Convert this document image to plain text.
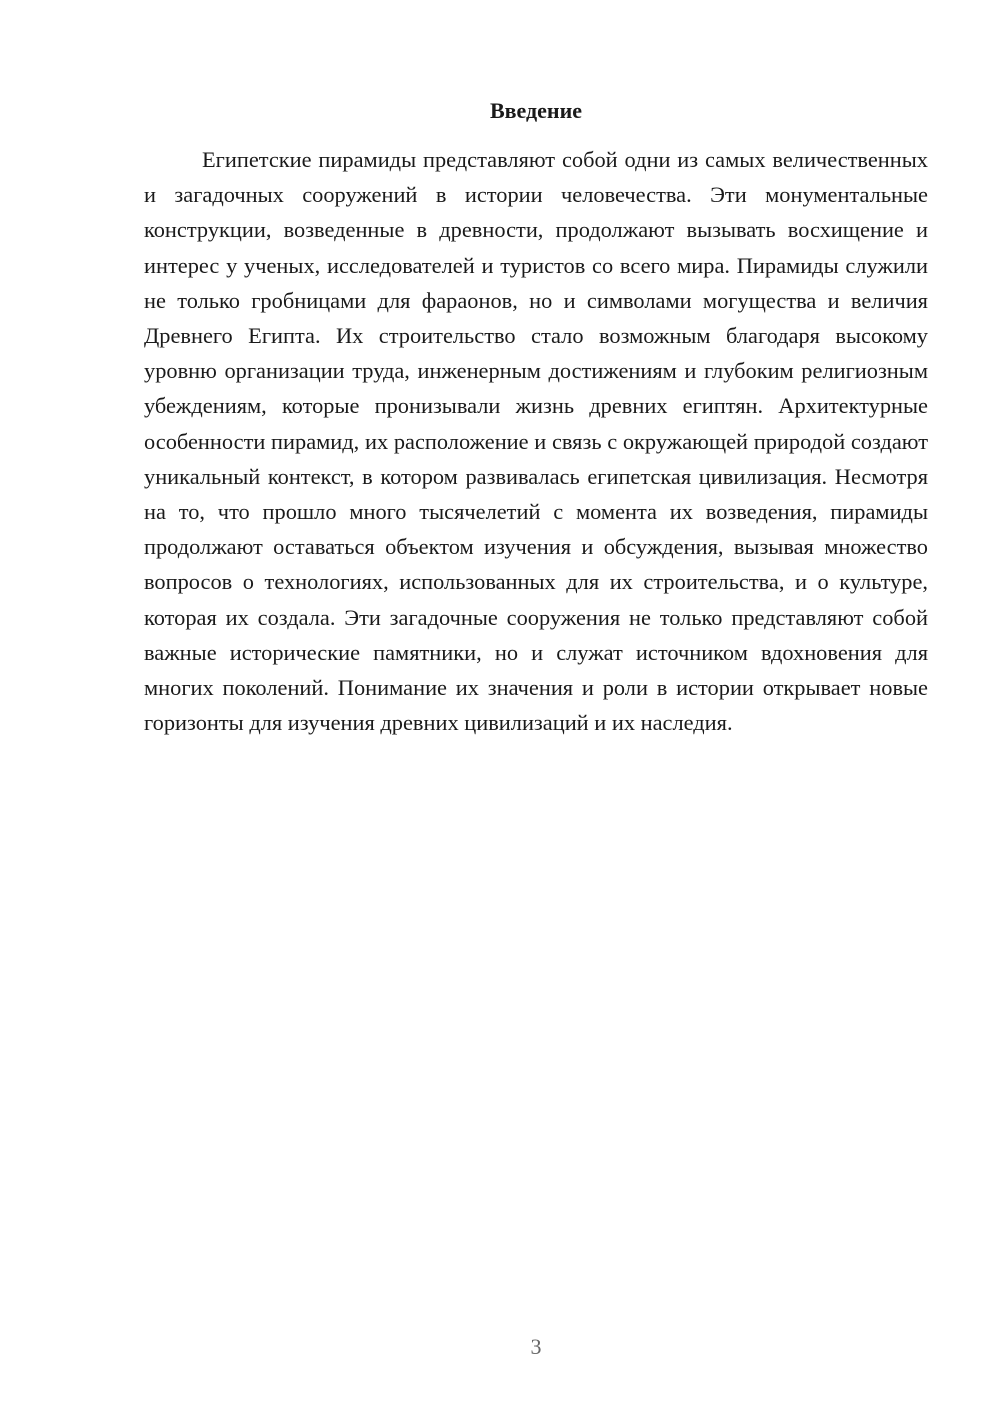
Введение

Египетские пирамиды представляют собой одни из самых величественных и загадочных сооружений в истории человечества. Эти монументальные конструкции, возведенные в древности, продолжают вызывать восхищение и интерес у ученых, исследователей и туристов со всего мира. Пирамиды служили не только гробницами для фараонов, но и символами могущества и величия Древнего Египта. Их строительство стало возможным благодаря высокому уровню организации труда, инженерным достижениям и глубоким религиозным убеждениям, которые пронизывали жизнь древних египтян. Архитектурные особенности пирамид, их расположение и связь с окружающей природой создают уникальный контекст, в котором развивалась египетская цивилизация. Несмотря на то, что прошло много тысячелетий с момента их возведения, пирамиды продолжают оставаться объектом изучения и обсуждения, вызывая множество вопросов о технологиях, использованных для их строительства, и о культуре, которая их создала. Эти загадочные сооружения не только представляют собой важные исторические памятники, но и служат источником вдохновения для многих поколений. Понимание их значения и роли в истории открывает новые горизонты для изучения древних цивилизаций и их наследия.

3
